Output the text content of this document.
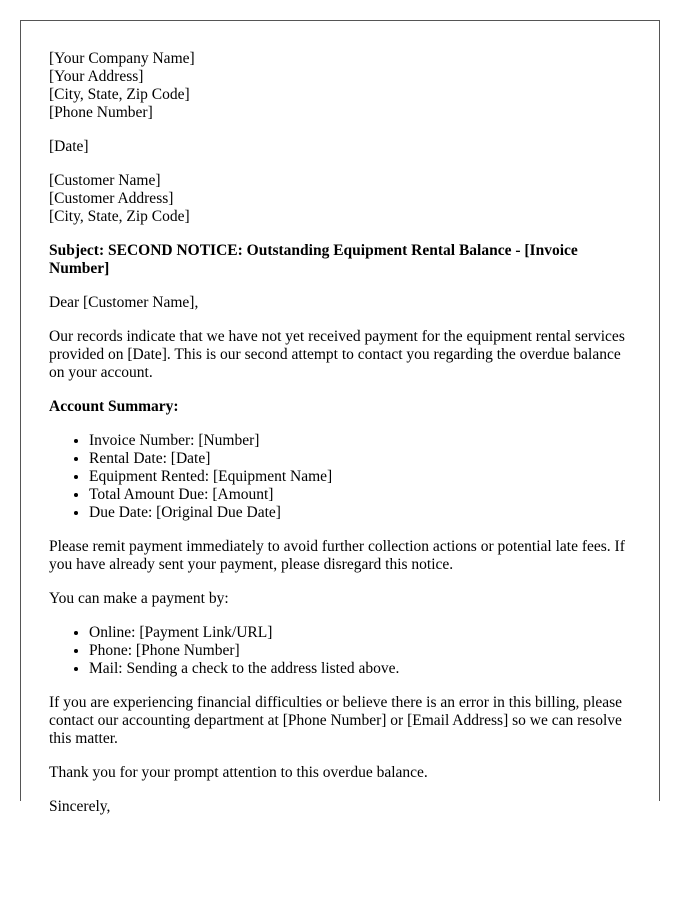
[Your Company Name]
[Your Address]
[City, State, Zip Code]
[Phone Number]
[Date]
[Customer Name]
[Customer Address]
[City, State, Zip Code]

Subject: SECOND NOTICE: Outstanding Equipment Rental Balance - [Invoice Number]

Dear [Customer Name],

Our records indicate that we have not yet received payment for the equipment rental services provided on [Date]. This is our second attempt to contact you regarding the overdue balance on your account.

Account Summary:

• Invoice Number: [Number]
• Rental Date: [Date]
• Equipment Rented: [Equipment Name]
• Total Amount Due: [Amount]
• Due Date: [Original Due Date]

Please remit payment immediately to avoid further collection actions or potential late fees. If you have already sent your payment, please disregard this notice.

You can make a payment by:

• Online: [Payment Link/URL]
• Phone: [Phone Number]
• Mail: Sending a check to the address listed above.

If you are experiencing financial difficulties or believe there is an error in this billing, please contact our accounting department at [Phone Number] or [Email Address] so we can resolve this matter.

Thank you for your prompt attention to this overdue balance.

Sincerely,
